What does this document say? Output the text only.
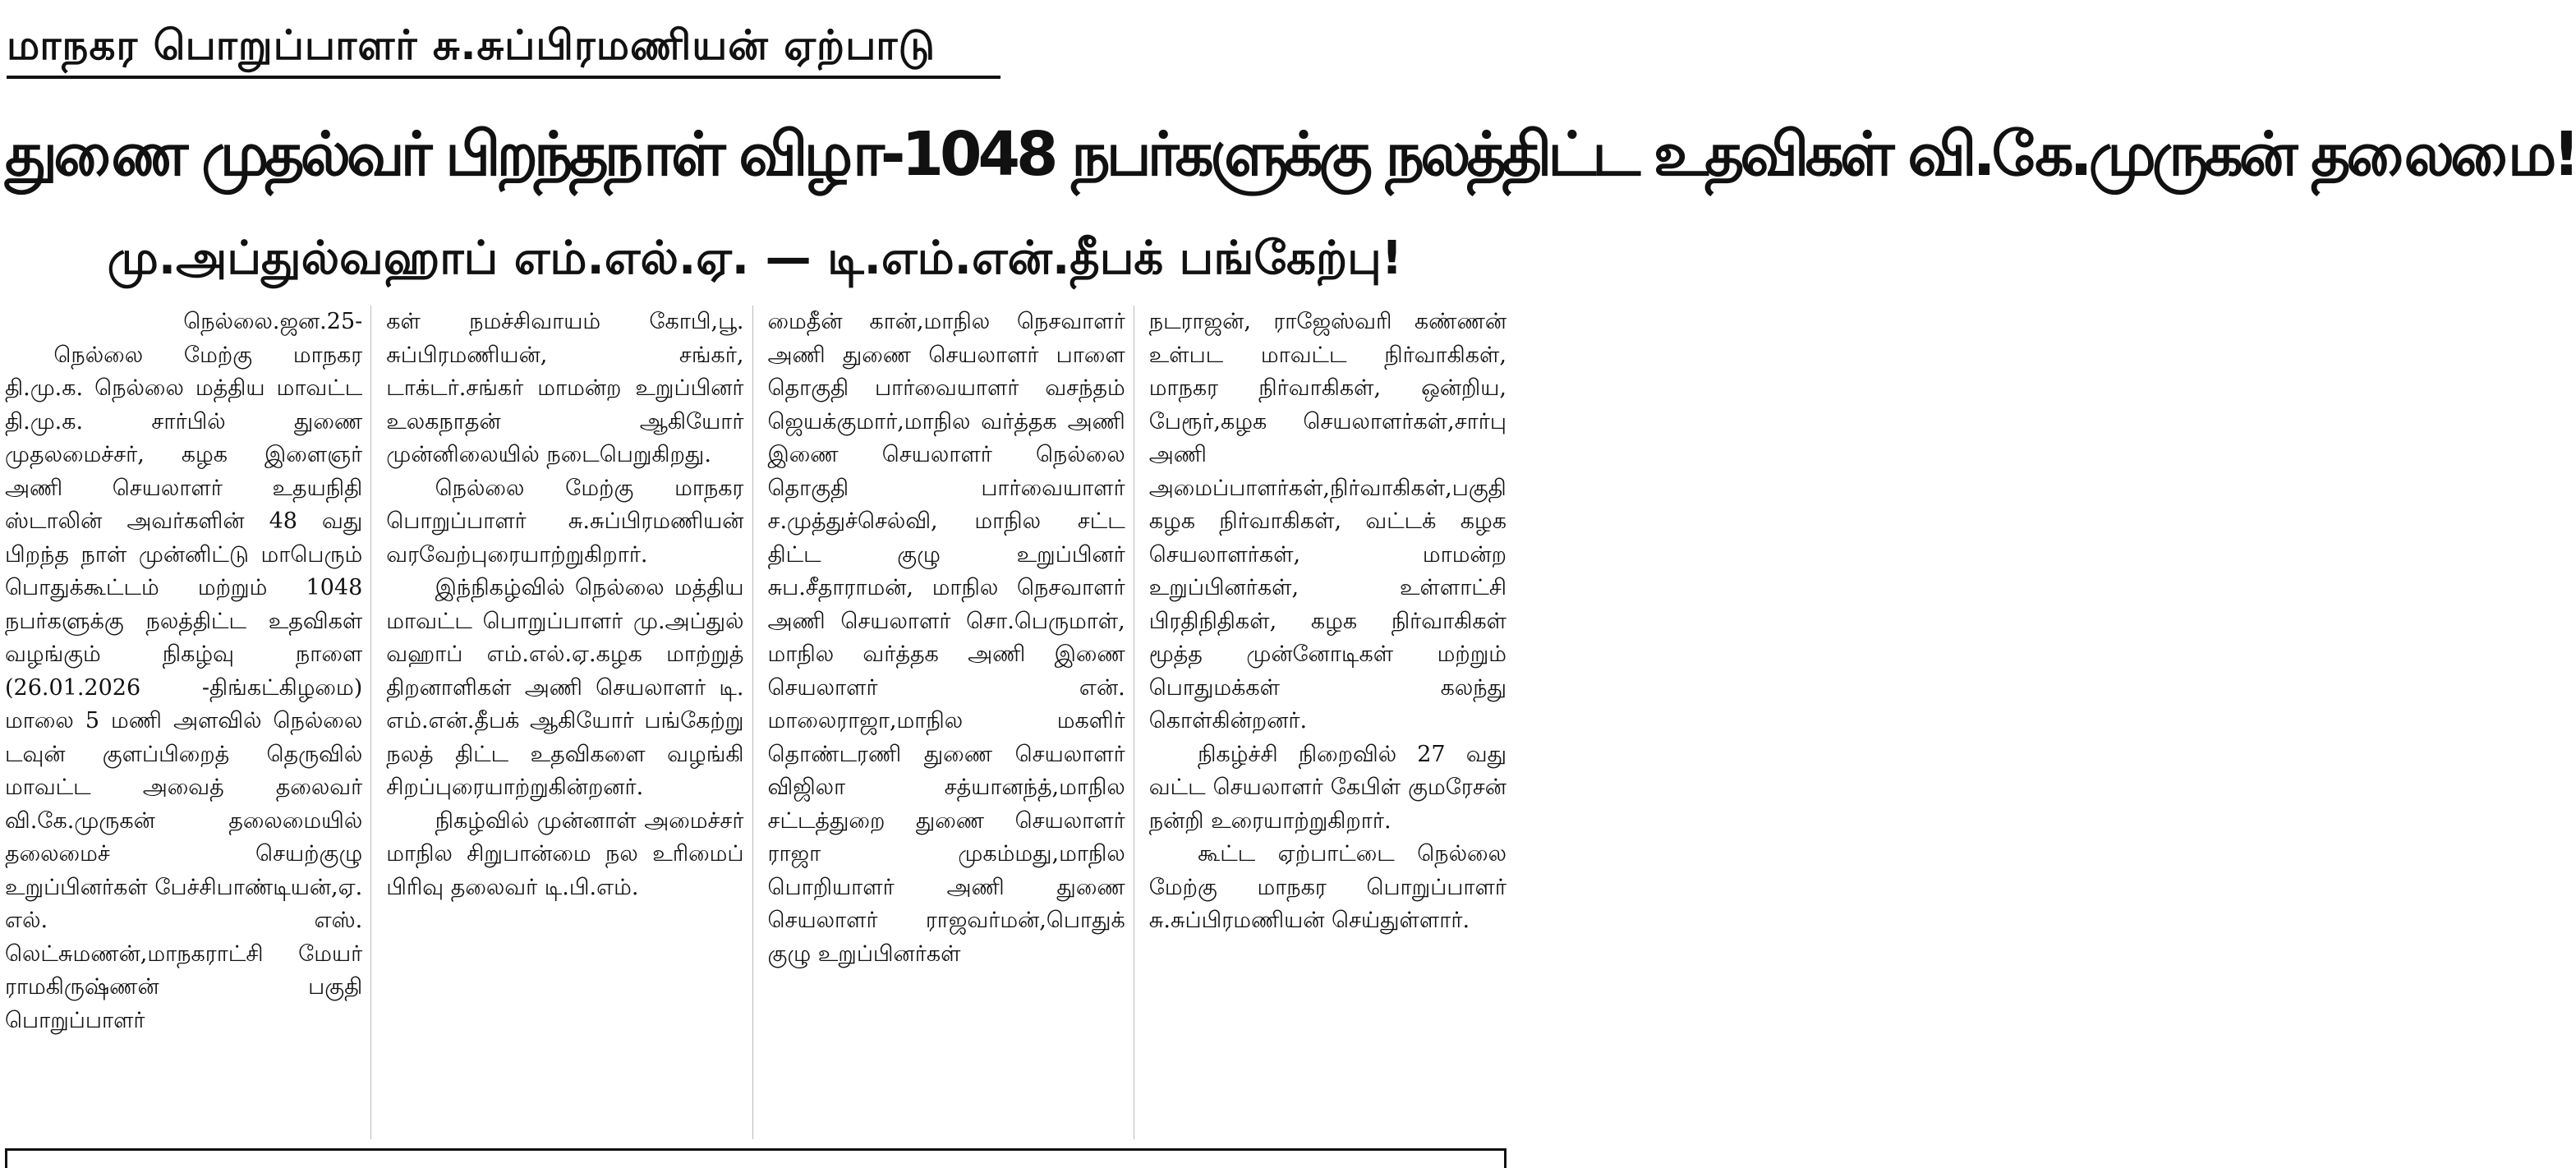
மாநகர பொறுப்பாளர் சு.சுப்பிரமணியன் ஏற்பாடு
துணை முதல்வர் பிறந்தநாள் விழா-1048 நபர்களுக்கு நலத்திட்ட உதவிகள் வி.கே.முருகன் தலைமை!
மு.அப்துல்வஹாப் எம்.எல்.ஏ. — டி.எம்.என்.தீபக் பங்கேற்பு!

நெல்லை.ஜன.25-

நெல்லை மேற்கு மாநகர தி.மு.க. நெல்லை மத்திய மாவட்ட தி.மு.க. சார்பில் துணை முதலமைச்சர், கழக இளைஞர் அணி செயலாளர் உதயநிதி ஸ்டாலின் அவர்களின் 48 வது பிறந்த நாள் முன்னிட்டு மாபெரும் பொதுக்கூட்டம் மற்றும் 1048 நபர்களுக்கு நலத்திட்ட உதவிகள் வழங்கும் நிகழ்வு நாளை (26.01.2026 -திங்கட்கிழமை) மாலை 5 மணி அளவில் நெல்லை டவுன் குளப்பிறைத் தெருவில் மாவட்ட அவைத் தலைவர் வி.கே.முருகன் தலைமையில் தலைமைச் செயற்குழு உறுப்பினர்கள் பேச்சிபாண்டியன்,ஏ. எல். எஸ். லெட்சுமணன்,மாநகராட்சி மேயர் ராமகிருஷ்ணன் பகுதி பொறுப்பாளர்

கள் நமச்சிவாயம் கோபி,பூ. சுப்பிரமணியன், சங்கர், டாக்டர்.சங்கர் மாமன்ற உறுப்பினர் உலகநாதன் ஆகியோர் முன்னிலையில் நடைபெறுகிறது.

நெல்லை மேற்கு மாநகர பொறுப்பாளர் சு.சுப்பிரமணியன் வரவேற்புரையாற்றுகிறார்.

இந்நிகழ்வில் நெல்லை மத்திய மாவட்ட பொறுப்பாளர் மு.அப்துல் வஹாப் எம்.எல்.ஏ.கழக மாற்றுத் திறனாளிகள் அணி செயலாளர் டி. எம்.என்.தீபக் ஆகியோர் பங்கேற்று நலத் திட்ட உதவிகளை வழங்கி சிறப்புரையாற்றுகின்றனர்.

நிகழ்வில் முன்னாள் அமைச்சர் மாநில சிறுபான்மை நல உரிமைப் பிரிவு தலைவர் டி.பி.எம்.

மைதீன் கான்,மாநில நெசவாளர் அணி துணை செயலாளர் பாளை தொகுதி பார்வையாளர் வசந்தம் ஜெயக்குமார்,மாநில வர்த்தக அணி இணை செயலாளர் நெல்லை தொகுதி பார்வையாளர் ச.முத்துச்செல்வி, மாநில சட்ட திட்ட குழு உறுப்பினர் சுப.சீதாராமன், மாநில நெசவாளர் அணி செயலாளர் சொ.பெருமாள், மாநில வர்த்தக அணி இணை செயலாளர் என். மாலைராஜா,மாநில மகளிர் தொண்டரணி துணை செயலாளர் விஜிலா சத்யானந்த்,மாநில சட்டத்துறை துணை செயலாளர் ராஜா முகம்மது,மாநில பொறியாளர் அணி துணை செயலாளர் ராஜவர்மன்,பொதுக் குழு உறுப்பினர்கள்

நடராஜன், ராஜேஸ்வரி கண்ணன் உள்பட மாவட்ட நிர்வாகிகள், மாநகர நிர்வாகிகள், ஒன்றிய, பேரூர்,கழக செயலாளர்கள்,சார்பு அணி அமைப்பாளர்கள்,நிர்வாகிகள்,பகுதி கழக நிர்வாகிகள், வட்டக் கழக செயலாளர்கள், மாமன்ற உறுப்பினர்கள், உள்ளாட்சி பிரதிநிதிகள், கழக நிர்வாகிகள் மூத்த முன்னோடிகள் மற்றும் பொதுமக்கள் கலந்து கொள்கின்றனர்.

நிகழ்ச்சி நிறைவில் 27 வது வட்ட செயலாளர் கேபிள் குமரேசன் நன்றி உரையாற்றுகிறார்.

கூட்ட ஏற்பாட்டை நெல்லை மேற்கு மாநகர பொறுப்பாளர் சு.சுப்பிரமணியன் செய்துள்ளார்.
